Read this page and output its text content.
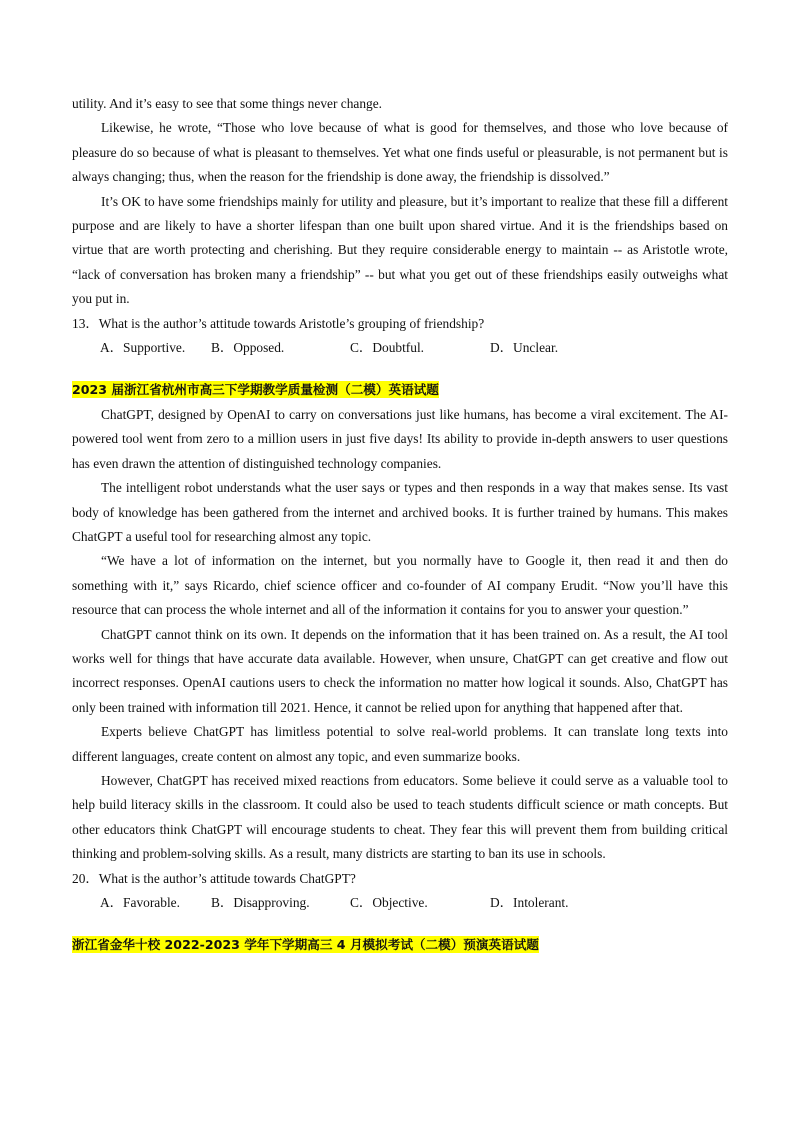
utility. And it’s easy to see that some things never change.

Likewise, he wrote, “Those who love because of what is good for themselves, and those who love because of pleasure do so because of what is pleasant to themselves. Yet what one finds useful or pleasurable, is not permanent but is always changing; thus, when the reason for the friendship is done away, the friendship is dissolved.”

It’s OK to have some friendships mainly for utility and pleasure, but it’s important to realize that these fill a different purpose and are likely to have a shorter lifespan than one built upon shared virtue. And it is the friendships based on virtue that are worth protecting and cherishing. But they require considerable energy to maintain -- as Aristotle wrote, “lack of conversation has broken many a friendship” -- but what you get out of these friendships easily outweighs what you put in.

13．What is the author’s attitude towards Aristotle’s grouping of friendship?
A．Supportive.	B．Opposed.	C．Doubtful.	D．Unclear.
2023 届浙江省杭州市高三下学期教学质量检测（二模）英语试题

ChatGPT, designed by OpenAI to carry on conversations just like humans, has become a viral excitement. The AI-powered tool went from zero to a million users in just five days! Its ability to provide in-depth answers to user questions has even drawn the attention of distinguished technology companies.

The intelligent robot understands what the user says or types and then responds in a way that makes sense. Its vast body of knowledge has been gathered from the internet and archived books. It is further trained by humans. This makes ChatGPT a useful tool for researching almost any topic.

“We have a lot of information on the internet, but you normally have to Google it, then read it and then do something with it,” says Ricardo, chief science officer and co-founder of AI company Erudit. “Now you’ll have this resource that can process the whole internet and all of the information it contains for you to answer your question.”

ChatGPT cannot think on its own. It depends on the information that it has been trained on. As a result, the AI tool works well for things that have accurate data available. However, when unsure, ChatGPT can get creative and flow out incorrect responses. OpenAI cautions users to check the information no matter how logical it sounds. Also, ChatGPT has only been trained with information till 2021. Hence, it cannot be relied upon for anything that happened after that.

Experts believe ChatGPT has limitless potential to solve real-world problems. It can translate long texts into different languages, create content on almost any topic, and even summarize books.

However, ChatGPT has received mixed reactions from educators. Some believe it could serve as a valuable tool to help build literacy skills in the classroom. It could also be used to teach students difficult science or math concepts. But other educators think ChatGPT will encourage students to cheat. They fear this will prevent them from building critical thinking and problem-solving skills. As a result, many districts are starting to ban its use in schools.

20．What is the author’s attitude towards ChatGPT?
A．Favorable.	B．Disapproving.	C．Objective.	D．Intolerant.
浙江省金华十校 2022-2023 学年下学期高三 4 月模拟考试（二模）预演英语试题
